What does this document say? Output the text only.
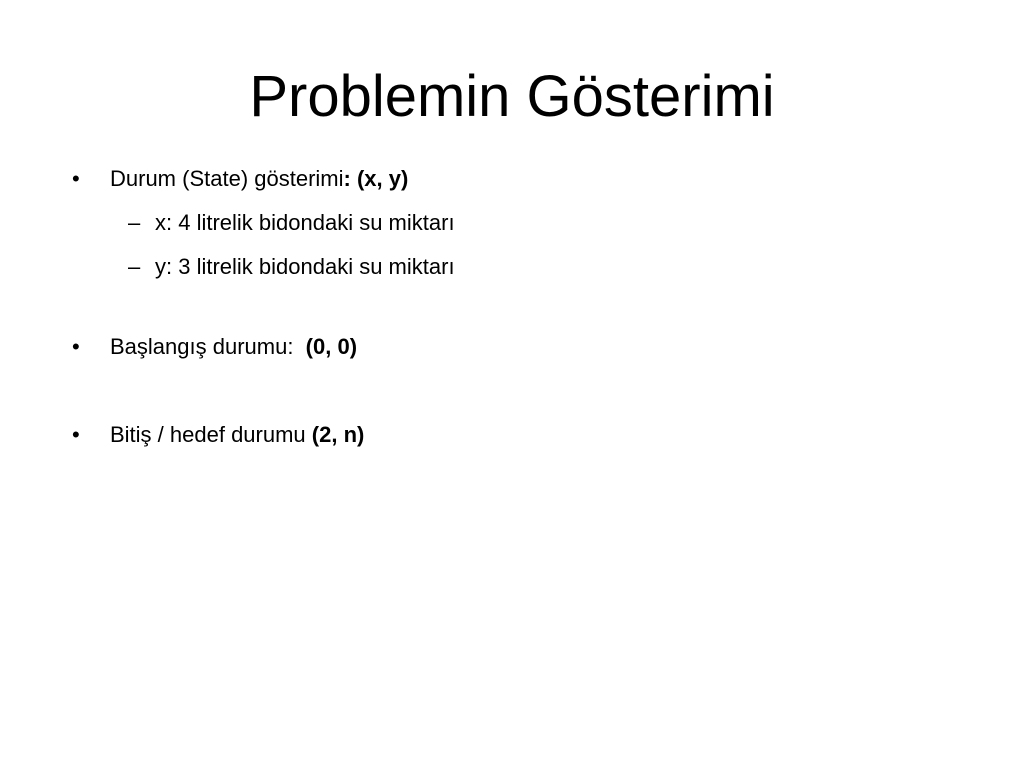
Problemin Gösterimi
• Durum (State) gösterimi: (x, y)
– x: 4 litrelik bidondaki su miktarı
– y: 3 litrelik bidondaki su miktarı
• Başlangış durumu:  (0, 0)
• Bitiş / hedef durumu (2, n)
